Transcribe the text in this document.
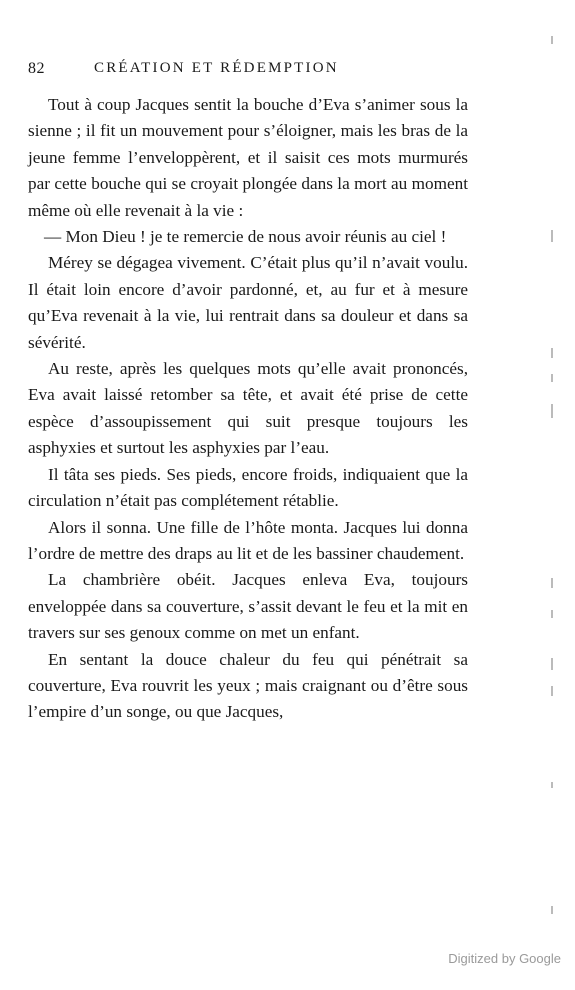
82	CRÉATION ET RÉDEMPTION

Tout à coup Jacques sentit la bouche d’Eva s’animer sous la sienne ; il fit un mouvement pour s’éloigner, mais les bras de la jeune femme l’enveloppèrent, et il saisit ces mots murmurés par cette bouche qui se croyait plongée dans la mort au moment même où elle revenait à la vie :

— Mon Dieu ! je te remercie de nous avoir réunis au ciel !

Mérey se dégagea vivement. C’était plus qu’il n’avait voulu. Il était loin encore d’avoir pardonné, et, au fur et à mesure qu’Eva revenait à la vie, lui rentrait dans sa douleur et dans sa sévérité.

Au reste, après les quelques mots qu’elle avait prononcés, Eva avait laissé retomber sa tête, et avait été prise de cette espèce d’assoupissement qui suit presque toujours les asphyxies et surtout les asphyxies par l’eau.

Il tâta ses pieds. Ses pieds, encore froids, indiquaient que la circulation n’était pas complétement rétablie.

Alors il sonna. Une fille de l’hôte monta. Jacques lui donna l’ordre de mettre des draps au lit et de les bassiner chaudement.

La chambrière obéit. Jacques enleva Eva, toujours enveloppée dans sa couverture, s’assit devant le feu et la mit en travers sur ses genoux comme on met un enfant.

En sentant la douce chaleur du feu qui pénétrait sa couverture, Eva rouvrit les yeux ; mais craignant ou d’être sous l’empire d’un songe, ou que Jacques,

Digitized by Google
